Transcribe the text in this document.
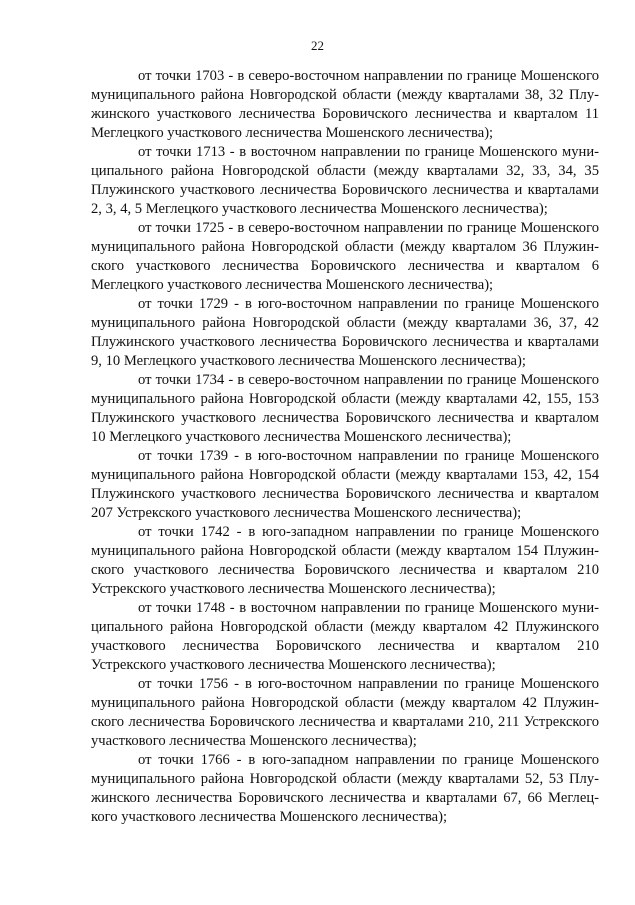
22
от точки 1703 - в северо-восточном направлении по границе Мошенского
муниципального района Новгородской области (между кварталами 38, 32 Плу-
жинского участкового лесничества Боровичского лесничества и кварталом 11
Меглецкого участкового лесничества Мошенского лесничества);
от точки 1713 - в восточном направлении по границе Мошенского муни-
ципального района Новгородской области (между кварталами 32, 33, 34, 35
Плужинского участкового лесничества Боровичского лесничества и кварталами
2, 3, 4, 5 Меглецкого участкового лесничества Мошенского лесничества);
от точки 1725 - в северо-восточном направлении по границе Мошенского
муниципального района Новгородской области (между кварталом 36 Плужин-
ского участкового лесничества Боровичского лесничества и кварталом 6
Меглецкого участкового лесничества Мошенского лесничества);
от точки 1729 - в юго-восточном направлении по границе Мошенского
муниципального района Новгородской области (между кварталами 36, 37, 42
Плужинского участкового лесничества Боровичского лесничества и кварталами
9, 10 Меглецкого участкового лесничества Мошенского лесничества);
от точки 1734 - в северо-восточном направлении по границе Мошенского
муниципального района Новгородской области (между кварталами 42, 155, 153
Плужинского участкового лесничества Боровичского лесничества и кварталом
10 Меглецкого участкового лесничества Мошенского лесничества);
от точки 1739 - в юго-восточном направлении по границе Мошенского
муниципального района Новгородской области (между кварталами 153, 42, 154
Плужинского участкового лесничества Боровичского лесничества и кварталом
207 Устрекского участкового лесничества Мошенского лесничества);
от точки 1742 - в юго-западном направлении по границе Мошенского
муниципального района Новгородской области (между кварталом 154 Плужин-
ского участкового лесничества Боровичского лесничества и кварталом 210
Устрекского участкового лесничества Мошенского лесничества);
от точки 1748 - в восточном направлении по границе Мошенского муни-
ципального района Новгородской области (между кварталом 42 Плужинского
участкового лесничества Боровичского лесничества и кварталом 210
Устрекского участкового лесничества Мошенского лесничества);
от точки 1756 - в юго-восточном направлении по границе Мошенского
муниципального района Новгородской области (между кварталом 42 Плужин-
ского лесничества Боровичского лесничества и кварталами 210, 211 Устрекского
участкового лесничества Мошенского лесничества);
от точки 1766 - в юго-западном направлении по границе Мошенского
муниципального района Новгородской области (между кварталами 52, 53 Плу-
жинского лесничества Боровичского лесничества и кварталами 67, 66 Меглец-
кого участкового лесничества Мошенского лесничества);
